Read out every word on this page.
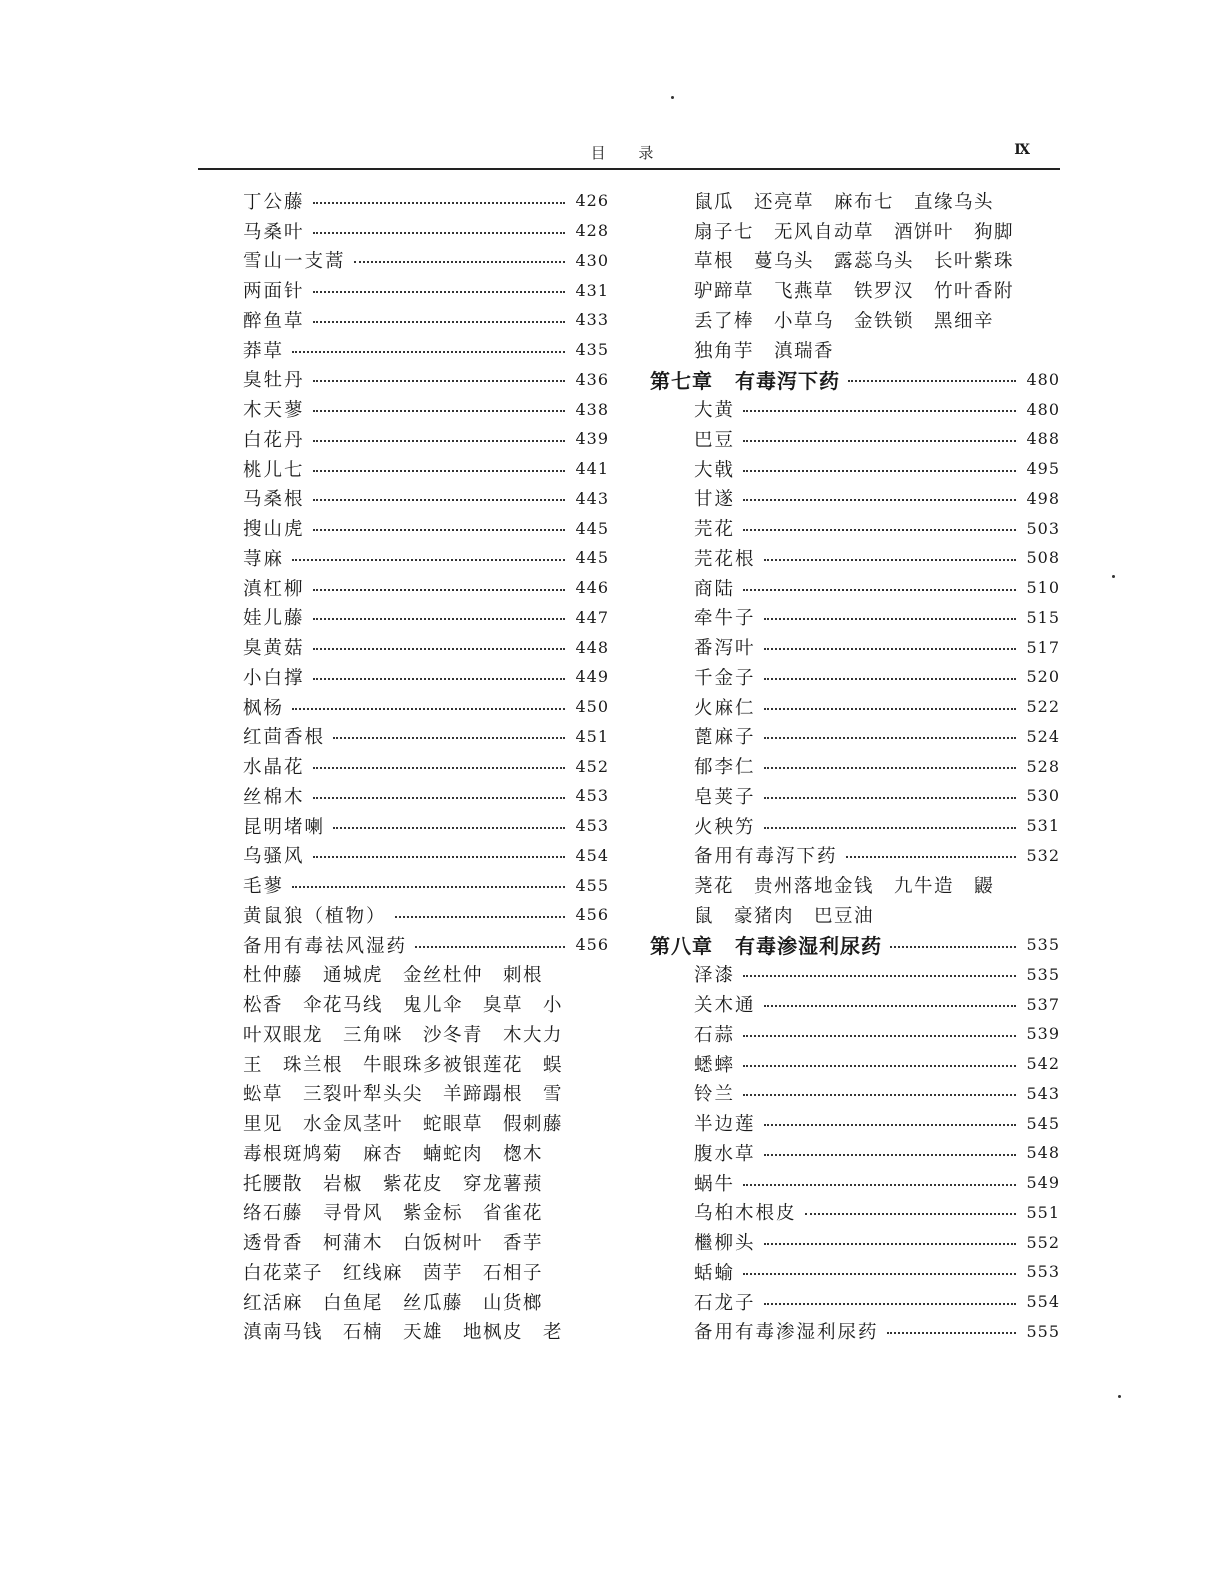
目 录	Ⅸ
丁公藤	426
马桑叶	428
雪山一支蒿	430
两面针	431
醉鱼草	433
莽草	435
臭牡丹	436
木天蓼	438
白花丹	439
桃儿七	441
马桑根	443
搜山虎	445
荨麻	445
滇杠柳	446
娃儿藤	447
臭黄菇	448
小白撑	449
枫杨	450
红茴香根	451
水晶花	452
丝棉木	453
昆明堵喇	453
乌骚风	454
毛蓼	455
黄鼠狼（植物）	456
备用有毒祛风湿药	456
杜仲藤　通城虎　金丝杜仲　刺根
松香　伞花马线　鬼儿伞　臭草　小
叶双眼龙　三角咪　沙冬青　木大力
王　珠兰根　牛眼珠多被银莲花　蜈
蚣草　三裂叶犁头尖　羊蹄蹋根　雪
里见　水金凤茎叶　蛇眼草　假刺藤
毒根斑鸠菊　麻杏　蝻蛇肉　楤木
托腰散　岩椒　紫花皮　穿龙薯蓣
络石藤　寻骨风　紫金标　省雀花
透骨香　柯蒲木　白饭树叶　香芋
白花菜子　红线麻　茵芋　石相子
红活麻　白鱼尾　丝瓜藤　山货榔
滇南马钱　石楠　天雄　地枫皮　老
鼠瓜　还亮草　麻布七　直缘乌头
扇子七　无风自动草　酒饼叶　狗脚
草根　蔓乌头　露蕊乌头　长叶紫珠
驴蹄草　飞燕草　铁罗汉　竹叶香附
丢了棒　小草乌　金铁锁　黑细辛
独角芋　滇瑞香
第七章 有毒泻下药	480
大黄	480
巴豆	488
大戟	495
甘遂	498
芫花	503
芫花根	508
商陆	510
牵牛子	515
番泻叶	517
千金子	520
火麻仁	522
蓖麻子	524
郁李仁	528
皂荚子	530
火秧竻	531
备用有毒泻下药	532
荛花　贵州落地金钱　九牛造　鼹
鼠　豪猪肉　巴豆油
第八章 有毒渗湿利尿药	535
泽漆	535
关木通	537
石蒜	539
蟋蟀	542
铃兰	543
半边莲	545
腹水草	548
蜗牛	549
乌桕木根皮	551
檵柳头	552
蛞蝓	553
石龙子	554
备用有毒渗湿利尿药	555
